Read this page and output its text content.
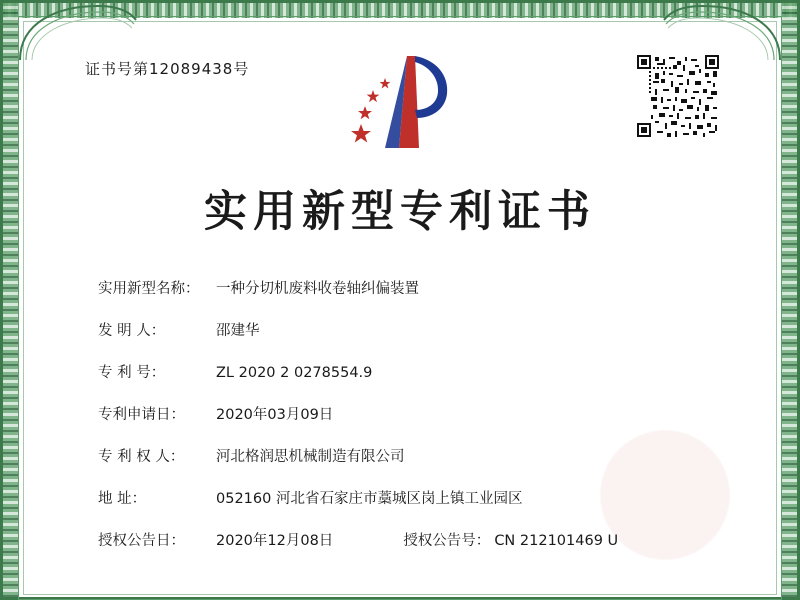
证书号第12089438号
实用新型专利证书
实用新型名称：	一种分切机废料收卷轴纠偏装置
发 明 人：	邵建华
专 利 号：	ZL 2020 2 0278554.9
专利申请日：	2020年03月09日
专 利 权 人：	河北格润思机械制造有限公司
地 址：	052160 河北省石家庄市藁城区岗上镇工业园区
授权公告日：	2020年12月08日	授权公告号： CN 212101469 U
